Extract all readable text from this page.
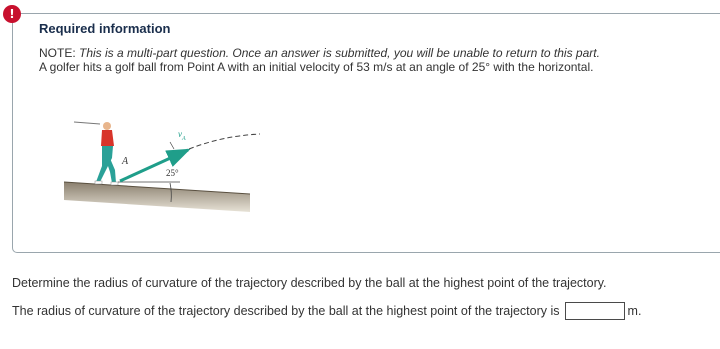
!
Required information
NOTE: This is a multi-part question. Once an answer is submitted, you will be unable to return to this part.
A golfer hits a golf ball from Point A with an initial velocity of 53 m/s at an angle of 25° with the horizontal.
A
$v_A$
25°
Determine the radius of curvature of the trajectory described by the ball at the highest point of the trajectory.
The radius of curvature of the trajectory described by the ball at the highest point of the trajectory is	m.
